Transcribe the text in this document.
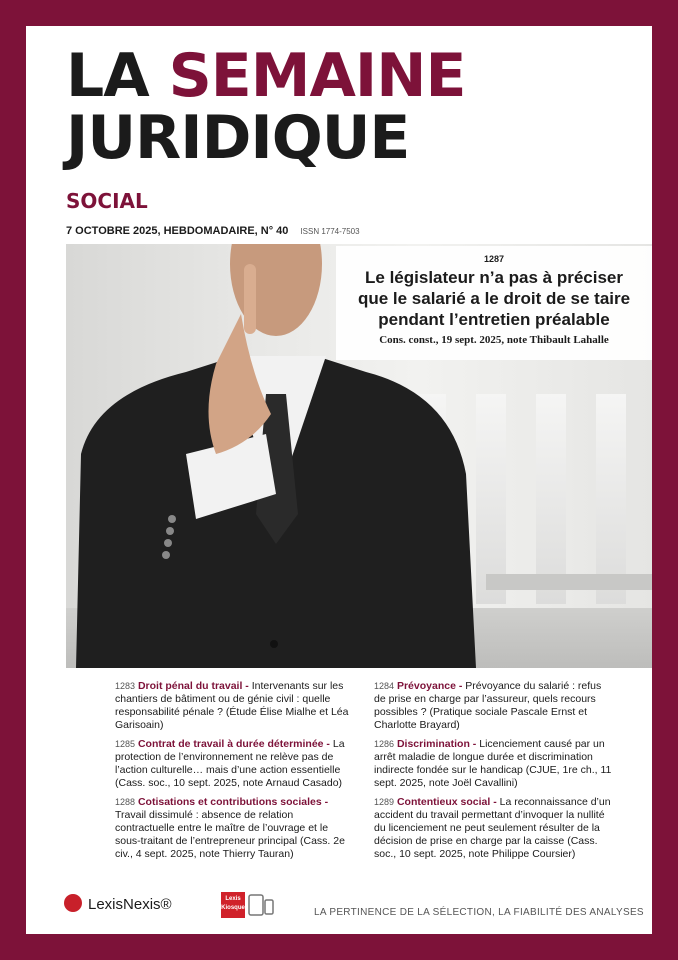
LA SEMAINE
JURIDIQUE
SOCIAL
7 OCTOBRE 2025, HEBDOMADAIRE, N° 40 ISSN 1774-7503
1287
Le législateur n’a pas à préciser
que le salarié a le droit de se taire
pendant l’entretien préalable
Cons. const., 19 sept. 2025, note Thibault Lahalle
1283 Droit pénal du travail - Intervenants sur les chantiers de bâtiment ou de génie civil : quelle responsabilité pénale ? (Étude Élise Mialhe et Léa Garisoain)
1285 Contrat de travail à durée déterminée - La protection de l’environnement ne relève pas de l’action culturelle… mais d’une action essentielle (Cass. soc., 10 sept. 2025, note Arnaud Casado)
1288 Cotisations et contributions sociales - Travail dissimulé : absence de relation contractuelle entre le maître de l’ouvrage et le sous-traitant de l’entrepreneur principal (Cass. 2e civ., 4 sept. 2025, note Thierry Tauran)
1284 Prévoyance - Prévoyance du salarié : refus de prise en charge par l’assureur, quels recours possibles ? (Pratique sociale Pascale Ernst et Charlotte Brayard)
1286 Discrimination - Licenciement causé par un arrêt maladie de longue durée et discrimination indirecte fondée sur le handicap (CJUE, 1re ch., 11 sept. 2025, note Joël Cavallini)
1289 Contentieux social - La reconnaissance d’un accident du travail permettant d’invoquer la nullité du licenciement ne peut seulement résulter de la décision de prise en charge par la caisse (Cass. soc., 10 sept. 2025, note Philippe Coursier)
LexisNexis®	Lexis
Kiosque	LA PERTINENCE DE LA SÉLECTION, LA FIABILITÉ DES ANALYSES
